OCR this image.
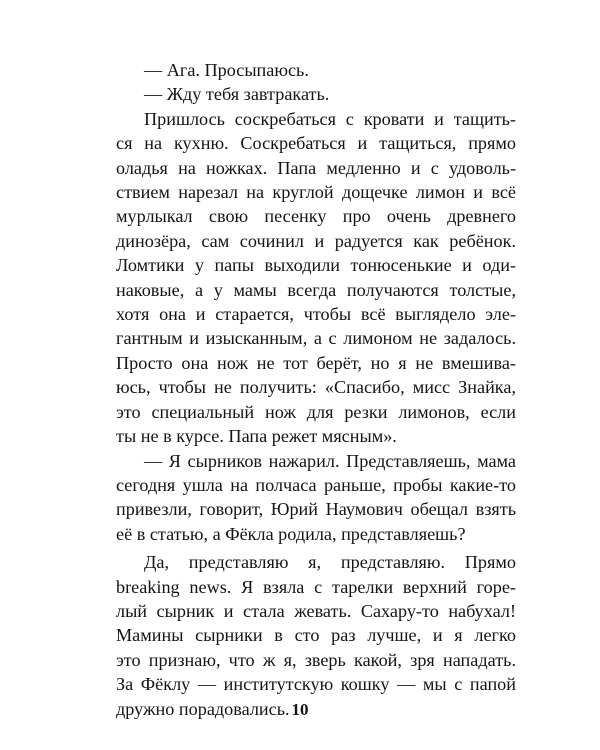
— Ага. Просыпаюсь.

— Жду тебя завтракать.

Пришлось соскребаться с кровати и тащить-
ся на кухню. Соскребаться и тащиться, прямо
оладья на ножках. Папа медленно и с удоволь-
ствием нарезал на круглой дощечке лимон и всё
мурлыкал свою песенку про очень древнего
динозёра, сам сочинил и радуется как ребёнок.
Ломтики у папы выходили тонюсенькие и оди-
наковые, а у мамы всегда получаются толстые,
хотя она и старается, чтобы всё выглядело эле-
гантным и изысканным, а с лимоном не задалось.
Просто она нож не тот берёт, но я не вмешива-
юсь, чтобы не получить: «Спасибо, мисс Знайка,
это специальный нож для резки лимонов, если
ты не в курсе. Папа режет мясным».

— Я сырников нажарил. Представляешь, мама
сегодня ушла на полчаса раньше, пробы какие-то
привезли, говорит, Юрий Наумович обещал взять
её в статью, а Фёкла родила, представляешь?

Да, представляю я, представляю. Прямо
breaking news. Я взяла с тарелки верхний горе-
лый сырник и стала жевать. Сахару-то набухал!
Мамины сырники в сто раз лучше, и я легко
это признаю, что ж я, зверь какой, зря нападать.
За Фёклу — институтскую кошку — мы с папой
дружно порадовались. 10
